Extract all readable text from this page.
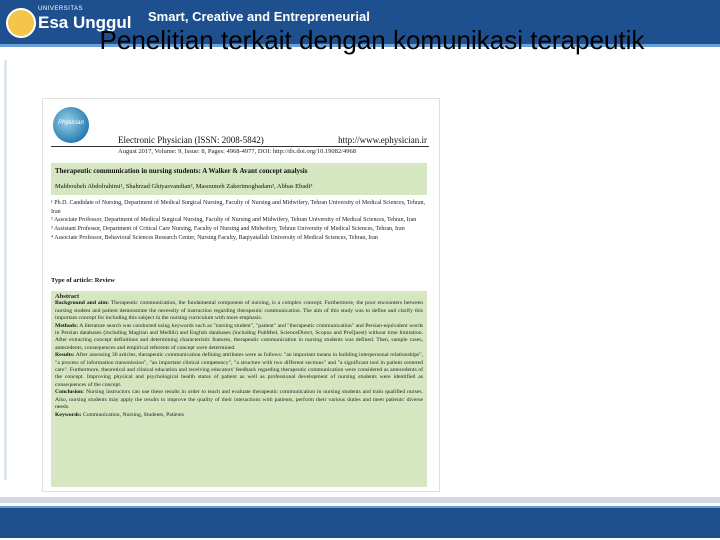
UNIVERSITAS
Esa Unggul Smart, Creative and Entrepreneurial
Penelitian terkait dengan komunikasi terapeutik
Physician
Electronic Physician (ISSN: 2008-5842)	http://www.ephysician.ir
August 2017, Volume: 9, Issue: 8, Pages: 4968-4977, DOI: http://dx.doi.org/10.19082/4968
Therapeutic communication in nursing students: A Walker & Avant concept analysis
Mahboubeh Abdolrahimi¹, Shahrzad Ghiyasvandian², Masoumeh Zakerimoghadam², Abbas Ebadi³
¹ Ph.D. Candidate of Nursing, Department of Medical Surgical Nursing, Faculty of Nursing and Midwifery, Tehran University of Medical Sciences, Tehran, Iran
² Associate Professor, Department of Medical Surgical Nursing, Faculty of Nursing and Midwifery, Tehran University of Medical Sciences, Tehran, Iran
³ Assistant Professor, Department of Critical Care Nursing, Faculty of Nursing and Midwifery, Tehran University of Medical Sciences, Tehran, Iran
⁴ Associate Professor, Behavioral Sciences Research Center, Nursing Faculty, Baqiyatallah University of Medical Sciences, Tehran, Iran
Type of article: Review
Abstract
Background and aim: Therapeutic communication, the fundamental component of nursing, is a complex concept. Furthermore, the poor encounters between nursing student and patient demonstrate the necessity of instruction regarding therapeutic communication. The aim of this study was to define and clarify this important concept for including this subject in the nursing curriculum with more emphasis.
Methods: A literature search was conducted using keywords such as "nursing student", "patient" and "therapeutic communication" and Persian-equivalent words in Persian databases (including Magiran and Medlib) and English databases (including PubMed, ScienceDirect, Scopus and ProQuest) without time limitation. After extracting concept definitions and determining characteristic features, therapeutic communication in nursing students was defined. Then, sample cases, antecedents, consequences and empirical referents of concept were determined.
Results: After assessing 30 articles, therapeutic communication defining attributes were as follows: "an important means in building interpersonal relationships", "a process of information transmission", "an important clinical competency", "a structure with two different sections" and "a significant tool in patient centered care". Furthermore, theoretical and clinical education and receiving educators' feedback regarding therapeutic communication were considered as antecedents of the concept. Improving physical and psychological health status of patient as well as professional development of nursing students were identified as consequences of the concept.
Conclusion: Nursing instructors can use these results in order to teach and evaluate therapeutic communication in nursing students and train qualified nurses. Also, nursing students may apply the results to improve the quality of their interactions with patients, perform their various duties and meet patients' diverse needs.
Keywords: Communication, Nursing, Students, Patients
